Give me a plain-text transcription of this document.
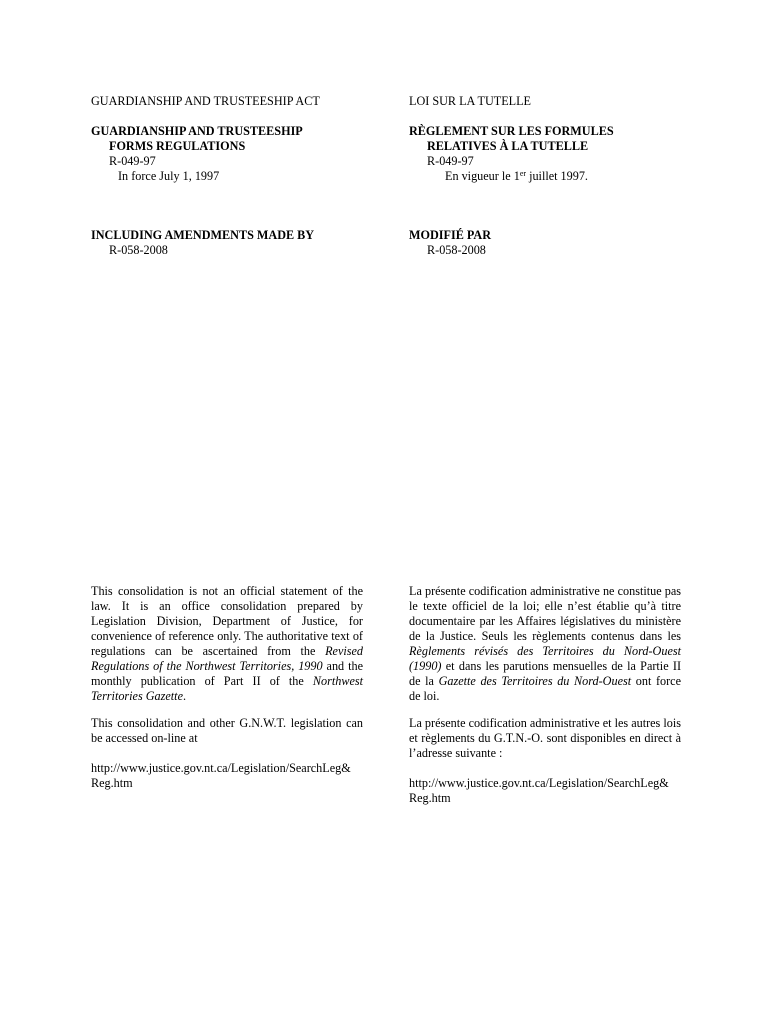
GUARDIANSHIP AND TRUSTEESHIP ACT
GUARDIANSHIP AND TRUSTEESHIP
FORMS REGULATIONS
R-049-97
In force July 1, 1997
INCLUDING AMENDMENTS MADE BY
R-058-2008
This consolidation is not an official statement of the law. It is an office consolidation prepared by Legislation Division, Department of Justice, for convenience of reference only. The authoritative text of regulations can be ascertained from the Revised Regulations of the Northwest Territories, 1990 and the monthly publication of Part II of the Northwest Territories Gazette.
This consolidation and other G.N.W.T. legislation can be accessed on-line at
http://www.justice.gov.nt.ca/Legislation/SearchLeg&
Reg.htm
LOI SUR LA TUTELLE
RÈGLEMENT SUR LES FORMULES
RELATIVES À LA TUTELLE
R-049-97
En vigueur le 1er juillet 1997.
MODIFIÉ PAR
R-058-2008
La présente codification administrative ne constitue pas le texte officiel de la loi; elle n’est établie qu’à titre documentaire par les Affaires législatives du ministère de la Justice. Seuls les règlements contenus dans les Règlements révisés des Territoires du Nord-Ouest (1990) et dans les parutions mensuelles de la Partie II de la Gazette des Territoires du Nord-Ouest ont force de loi.
La présente codification administrative et les autres lois et règlements du G.T.N.-O. sont disponibles en direct à l’adresse suivante :
http://www.justice.gov.nt.ca/Legislation/SearchLeg&
Reg.htm
